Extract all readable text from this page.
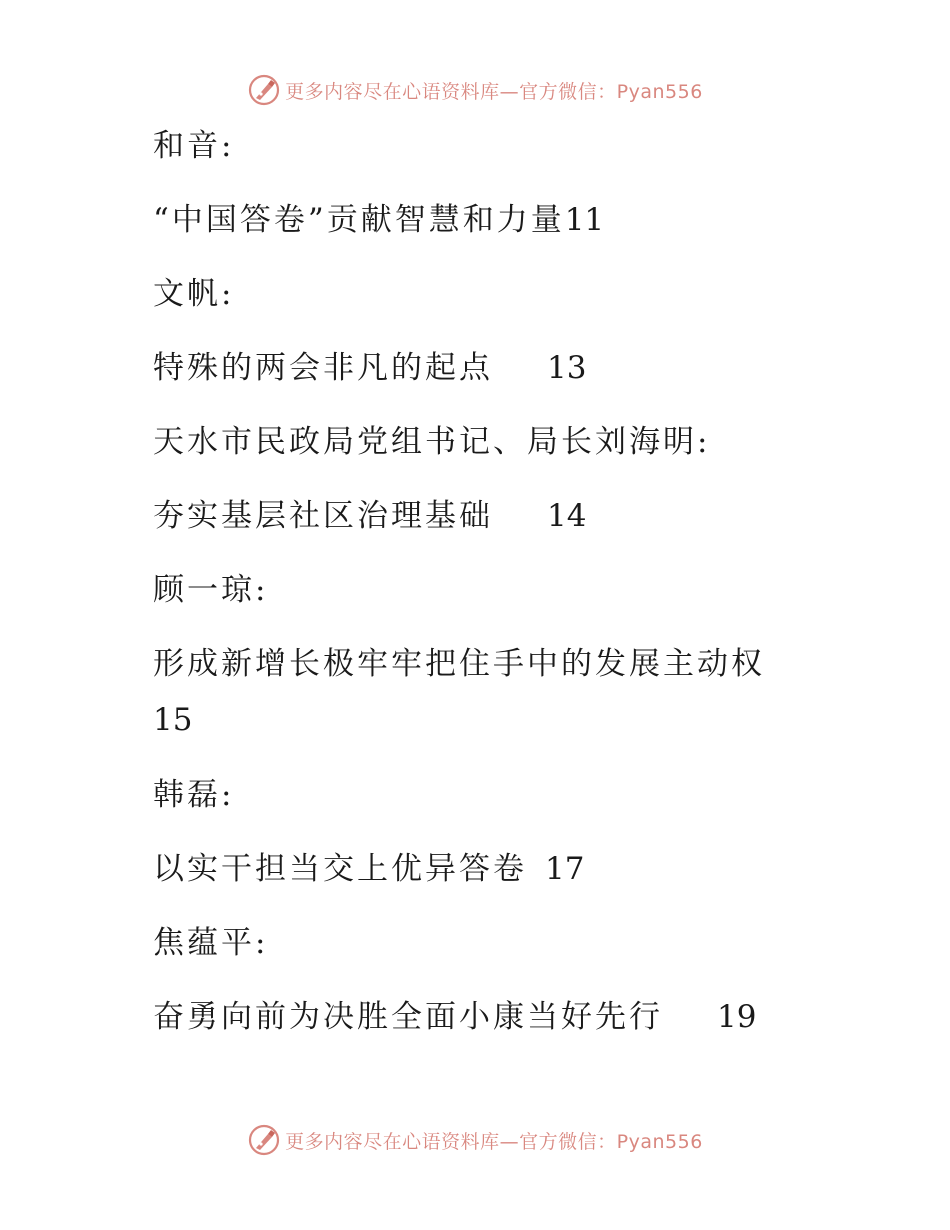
更多内容尽在心语资料库—官方微信：Pyan556
和音:
“中国答卷”贡献智慧和力量11
文帆:
特殊的两会非凡的起点 13
天水市民政局党组书记、局长刘海明:
夯实基层社区治理基础 14
顾一琼:
形成新增长极牢牢把住手中的发展主动权
15
韩磊:
以实干担当交上优异答卷 17
焦蕴平:
奋勇向前为决胜全面小康当好先行 19
更多内容尽在心语资料库—官方微信：Pyan556
